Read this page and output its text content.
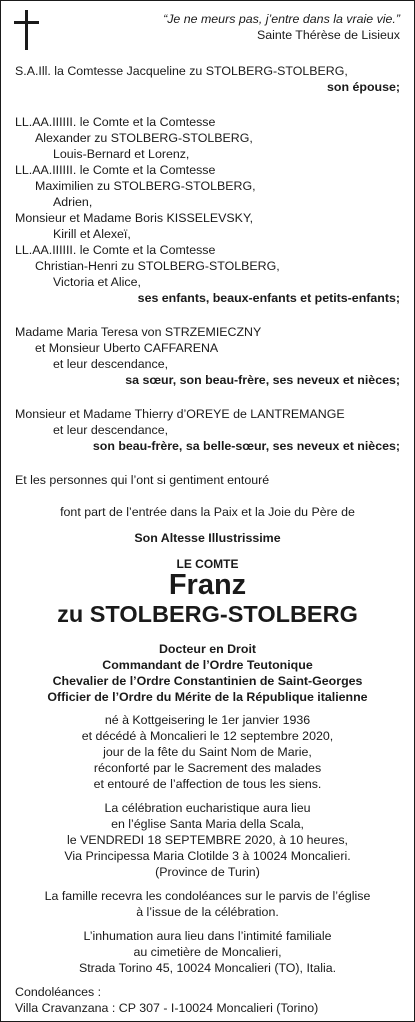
“Je ne meurs pas, j’entre dans la vraie vie.”
Sainte Thérèse de Lisieux
S.A.Ill. la Comtesse Jacqueline zu STOLBERG-STOLBERG,
son épouse;
LL.AA.IIIIII. le Comte et la Comtesse
Alexander zu STOLBERG-STOLBERG,
Louis-Bernard et Lorenz,
LL.AA.IIIIII. le Comte et la Comtesse
Maximilien zu STOLBERG-STOLBERG,
Adrien,
Monsieur et Madame Boris KISSELEVSKY,
Kirill et Alexeï,
LL.AA.IIIIII. le Comte et la Comtesse
Christian-Henri zu STOLBERG-STOLBERG,
Victoria et Alice,
ses enfants, beaux-enfants et petits-enfants;
Madame Maria Teresa von STRZEMIECZNY
et Monsieur Uberto CAFFARENA
et leur descendance,
sa sœur, son beau-frère, ses neveux et nièces;
Monsieur et Madame Thierry d’OREYE de LANTREMANGE
et leur descendance,
son beau-frère, sa belle-sœur, ses neveux et nièces;
Et les personnes qui l’ont si gentiment entouré
font part de l’entrée dans la Paix et la Joie du Père de
Son Altesse Illustrissime
LE COMTE
Franz
zu STOLBERG-STOLBERG
Docteur en Droit
Commandant de l’Ordre Teutonique
Chevalier de l’Ordre Constantinien de Saint-Georges
Officier de l’Ordre du Mérite de la République italienne
né à Kottgeisering le 1er janvier 1936
et décédé à Moncalieri le 12 septembre 2020,
jour de la fête du Saint Nom de Marie,
réconforté par le Sacrement des malades
et entouré de l’affection de tous les siens.
La célébration eucharistique aura lieu
en l’église Santa Maria della Scala,
le VENDREDI 18 SEPTEMBRE 2020, à 10 heures,
Via Principessa Maria Clotilde 3 à 10024 Moncalieri.
(Province de Turin)
La famille recevra les condoléances sur le parvis de l’église
à l’issue de la célébration.
L’inhumation aura lieu dans l’intimité familiale
au cimetière de Moncalieri,
Strada Torino 45, 10024 Moncalieri (TO), Italia.
Condoléances :
Villa Cravanzana : CP 307 - I-10024 Moncalieri (Torino)
